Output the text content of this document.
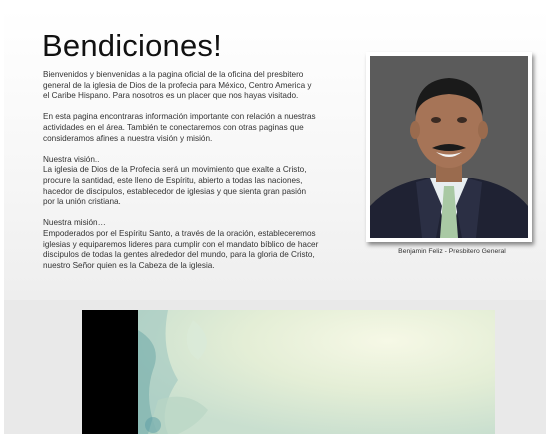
Bendiciones!

Bienvenidos y bienvenidas a la pagina oficial de la oficina del presbitero
general de la iglesia de Dios de la profecia para México, Centro America y
el Caribe Hispano. Para nosotros es un placer que nos hayas visitado.

En esta pagina encontraras información importante con relación a nuestras
actividades en el área. También te conectaremos con otras paginas que
consideramos afines a nuestra visión y misión.

Nuestra visión..
La iglesia de Dios de la Profecia será un movimiento que exalte a Cristo,
procure la santidad, este lleno de Espíritu, abierto a todas las naciones,
hacedor de discipulos, establecedor de iglesias y que sienta gran pasión
por la unión cristiana.

Nuestra misión…
Empoderados por el Espíritu Santo, a través de la oración, estableceremos
iglesias y equiparemos lideres para cumplir con el mandato bíblico de hacer
discipulos de todas la gentes alrededor del mundo, para la gloria de Cristo,
nuestro Señor quien es la Cabeza de la iglesia.

Benjamin Feliz - Presbitero General
